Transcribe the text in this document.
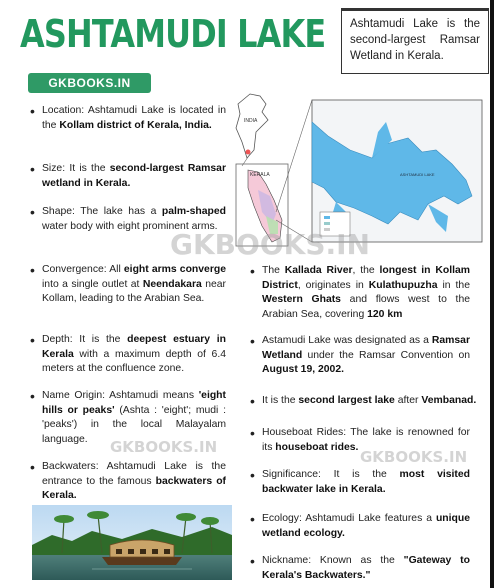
ASHTAMUDI LAKE	Ashtamudi Lake is the second-largest Ramsar Wetland in Kerala.
GKBOOKS.IN
INDIA
KERALA	ASHTAMUDI LAKE
• Location: Ashtamudi Lake is located in the Kollam district of Kerala, India.
• Size: It is the second-largest Ramsar wetland in Kerala.
• Shape: The lake has a palm-shaped water body with eight prominent arms.
• Convergence: All eight arms converge into a single outlet at Neendakara near Kollam, leading to the Arabian Sea.
• Depth: It is the deepest estuary in Kerala with a maximum depth of 6.4 meters at the confluence zone.
• Name Origin: Ashtamudi means 'eight hills or peaks' (Ashta : 'eight'; mudi : 'peaks') in the local Malayalam language.
• Backwaters: Ashtamudi Lake is the entrance to the famous backwaters of Kerala.
• The Kallada River, the longest in Kollam District, originates in Kulathupuzha in the Western Ghats and flows west to the Arabian Sea, covering 120 km
• Astamudi Lake was designated as a Ramsar Wetland under the Ramsar Convention on August 19, 2002.
• It is the second largest lake after Vembanad.
• Houseboat Rides: The lake is renowned for its houseboat rides.
• Significance: It is the most visited backwater lake in Kerala.
• Ecology: Ashtamudi Lake features a unique wetland ecology.
• Nickname: Known as the "Gateway to Kerala's Backwaters."
GKBOOKS.IN
GKBOOKS.IN
GKBOOKS.IN
